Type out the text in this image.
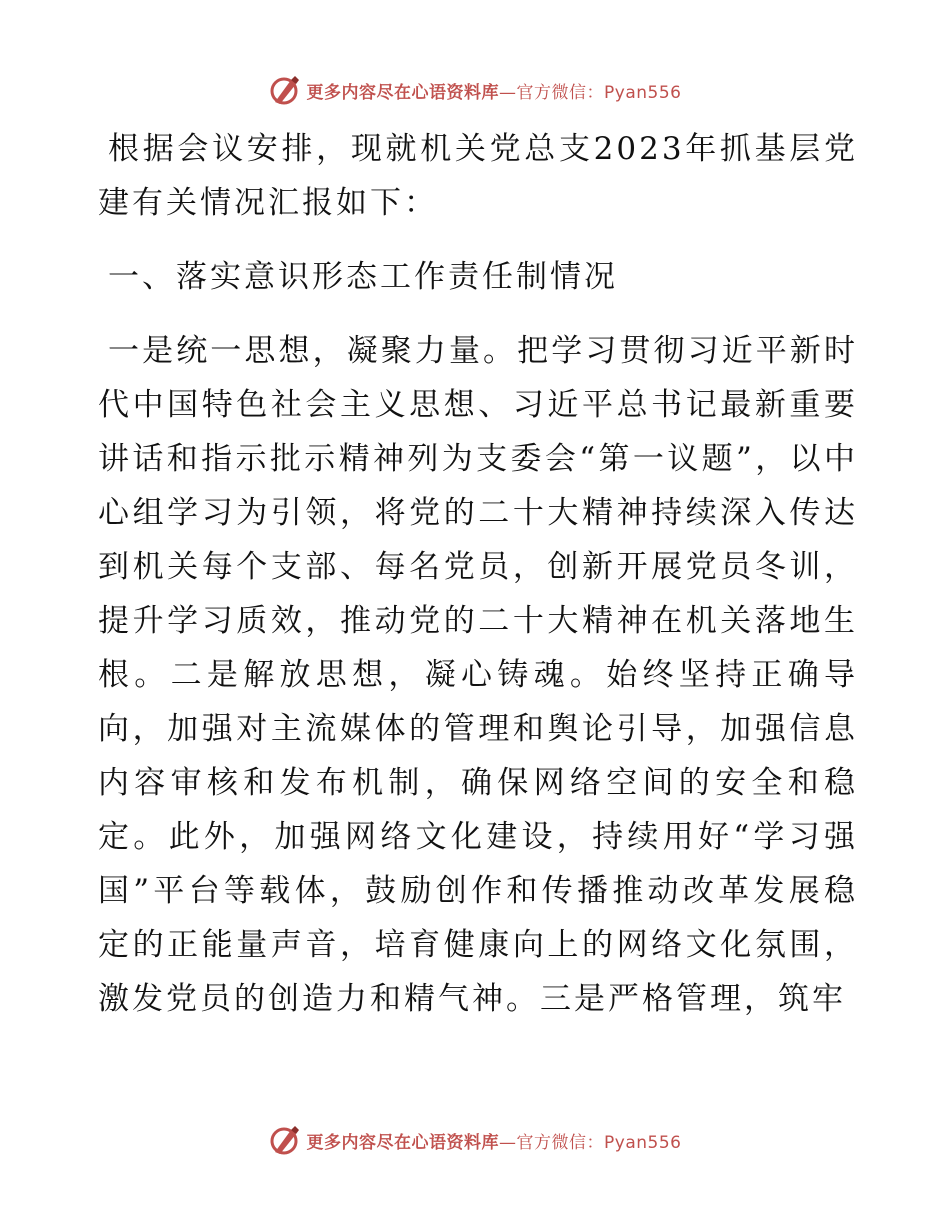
更多内容尽在心语资料库—官方微信：Pyan556

根据会议安排，现就机关党总支2023年抓基层党建有关情况汇报如下：

一、落实意识形态工作责任制情况

一是统一思想，凝聚力量。把学习贯彻习近平新时代中国特色社会主义思想、习近平总书记最新重要讲话和指示批示精神列为支委会“第一议题”，以中心组学习为引领，将党的二十大精神持续深入传达到机关每个支部、每名党员，创新开展党员冬训，提升学习质效，推动党的二十大精神在机关落地生根。二是解放思想，凝心铸魂。始终坚持正确导向，加强对主流媒体的管理和舆论引导，加强信息内容审核和发布机制，确保网络空间的安全和稳定。此外，加强网络文化建设，持续用好“学习强国”平台等载体，鼓励创作和传播推动改革发展稳定的正能量声音，培育健康向上的网络文化氛围，激发党员的创造力和精气神。三是严格管理，筑牢

更多内容尽在心语资料库—官方微信：Pyan556
